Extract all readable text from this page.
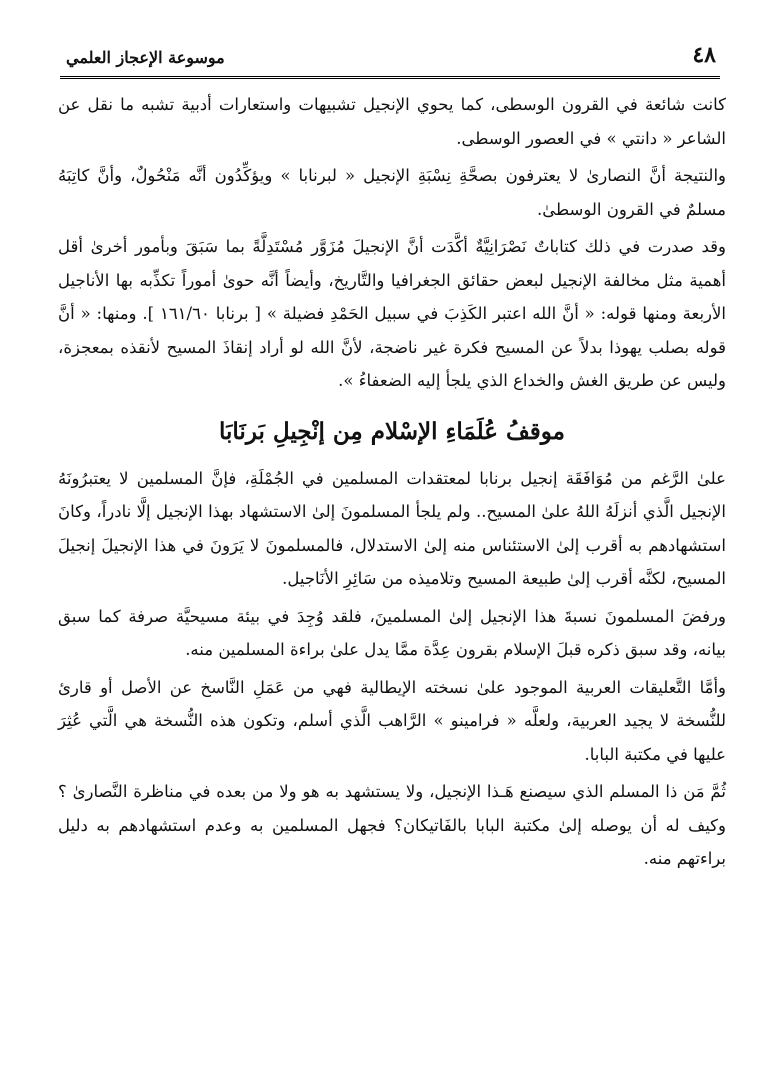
٤٨
موسوعة الإعجاز العلمي

كانت شائعة في القرون الوسطى، كما يحوي الإنجيل تشبيهات واستعارات أدبية تشبه ما نقل عن الشاعر « دانتي » في العصور الوسطى.

والنتيجة أنَّ النصارىٰ لا يعترفون بصحَّةِ نِسْبَةِ الإنجيل « لبرنابا » ويؤكِّدُون أنَّه مَنْحُولٌ، وأنَّ كاتِبَهُ مسلمٌ في القرون الوسطىٰ.

وقد صدرت في ذلك كتاباتٌ نَصْرَانِيَّةٌ أكَّدَت أنَّ الإنجيلَ مُزَوَّر مُسْتَدِلَّةً بما سَبَقَ وبأمور أخرىٰ أقل أهمية مثل مخالفة الإنجيل لبعض حقائق الجغرافيا والتَّاريخ، وأيضاً أنَّه حوىٰ أموراً تكذِّبه بها الأناجيل الأربعة ومنها قوله: « أنَّ الله اعتبر الكَذِبَ في سبيل الحَمْدِ فضيلة » [ برنابا ١٦١/٦٠ ]. ومنها: « أنَّ قوله بصلب يهوذا بدلاً عن المسيح فكرة غير ناضجة، لأنَّ الله لو أراد إنقاذَ المسيح لأنقذه بمعجزة، وليس عن طريق الغش والخداع الذي يلجأ إليه الضعفاءُ ».

موقفُ عُلَمَاءِ الإسْلام مِن إنْجِيلِ بَرنَابَا

علىٰ الرَّغم من مُوَافَقَة إنجيل برنابا لمعتقدات المسلمين في الجُمْلَةِ، فإنَّ المسلمين لا يعتبرُونَهُ الإنجيل الَّذي أنزلَهُ اللهُ علىٰ المسيح.. ولم يلجأ المسلمونَ إلىٰ الاستشهاد بهذا الإنجيل إلَّا نادراً، وكانَ استشهادهم به أقرب إلىٰ الاستئناس منه إلىٰ الاستدلال، فالمسلمونَ لا يَرَونَ في هذا الإنجيلَ إنجيلَ المسيح، لكنَّه أقرب إلىٰ طبيعة المسيح وتلاميذه من سَائِرِ الأنَاجيل.

ورفضَ المسلمونَ نسبةَ هذا الإنجيل إلىٰ المسلمينَ، فلقد وُجِدَ في بيئة مسيحيَّة صرفة كما سبق بيانه، وقد سبق ذكره قبلَ الإسلام بقرون عِدَّة ممَّا يدل علىٰ براءة المسلمين منه.

وأمَّا التَّعليقات العربية الموجود علىٰ نسخته الإيطالية فهي من عَمَلِ النَّاسخ عن الأصل أو قارئ للنُّسخة لا يجيد العربية، ولعلَّه « فرامينو » الرَّاهب الَّذي أسلم، وتكون هذه النُّسخة هي الَّتي عُثِرَ عليها في مكتبة البابا.

ثُمَّ مَن ذا المسلم الذي سيصنع هَـذا الإنجيل، ولا يستشهد به هو ولا من بعده في مناظرة النَّصارىٰ ؟ وكيف له أن يوصله إلىٰ مكتبة البابا بالفَاتيكان؟ فجهل المسلمين به وعدم استشهادهم به دليل براءتهم منه.
